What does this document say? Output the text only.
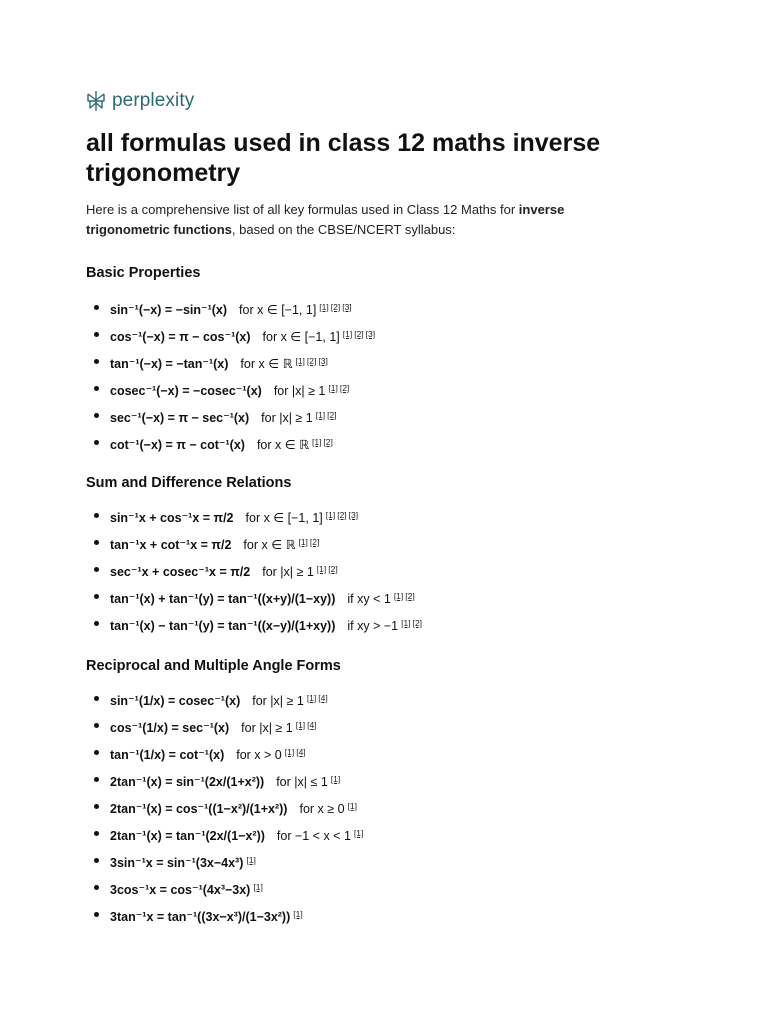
perplexity
all formulas used in class 12 maths inverse trigonometry

Here is a comprehensive list of all key formulas used in Class 12 Maths for inverse trigonometric functions, based on the CBSE/NCERT syllabus:

Basic Properties
sin⁻¹(−x) = −sin⁻¹(x) for x ∈ [−1, 1] [1] [2] [3]
cos⁻¹(−x) = π − cos⁻¹(x) for x ∈ [−1, 1] [1] [2] [3]
tan⁻¹(−x) = −tan⁻¹(x) for x ∈ ℝ [1] [2] [3]
cosec⁻¹(−x) = −cosec⁻¹(x) for |x| ≥ 1 [1] [2]
sec⁻¹(−x) = π − sec⁻¹(x) for |x| ≥ 1 [1] [2]
cot⁻¹(−x) = π − cot⁻¹(x) for x ∈ ℝ [1] [2]
Sum and Difference Relations
sin⁻¹x + cos⁻¹x = π/2 for x ∈ [−1, 1] [1] [2] [3]
tan⁻¹x + cot⁻¹x = π/2 for x ∈ ℝ [1] [2]
sec⁻¹x + cosec⁻¹x = π/2 for |x| ≥ 1 [1] [2]
tan⁻¹(x) + tan⁻¹(y) = tan⁻¹((x+y)/(1−xy)) if xy < 1 [1] [2]
tan⁻¹(x) − tan⁻¹(y) = tan⁻¹((x−y)/(1+xy)) if xy > −1 [1] [2]
Reciprocal and Multiple Angle Forms
sin⁻¹(1/x) = cosec⁻¹(x) for |x| ≥ 1 [1] [4]
cos⁻¹(1/x) = sec⁻¹(x) for |x| ≥ 1 [1] [4]
tan⁻¹(1/x) = cot⁻¹(x) for x > 0 [1] [4]
2tan⁻¹(x) = sin⁻¹(2x/(1+x²)) for |x| ≤ 1 [1]
2tan⁻¹(x) = cos⁻¹((1−x²)/(1+x²)) for x ≥ 0 [1]
2tan⁻¹(x) = tan⁻¹(2x/(1−x²)) for −1 < x < 1 [1]
3sin⁻¹x = sin⁻¹(3x−4x³) [1]
3cos⁻¹x = cos⁻¹(4x³−3x) [1]
3tan⁻¹x = tan⁻¹((3x−x³)/(1−3x²)) [1]
